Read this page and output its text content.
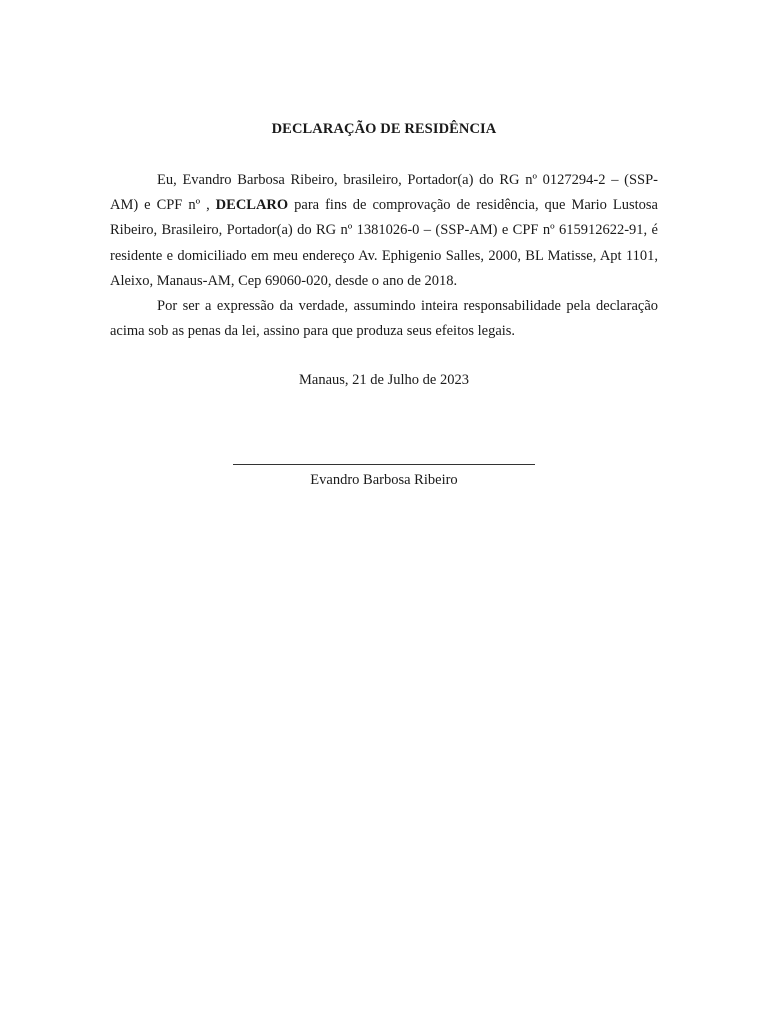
DECLARAÇÃO DE RESIDÊNCIA
Eu, Evandro Barbosa Ribeiro, brasileiro, Portador(a) do RG nº 0127294-2 – (SSP-AM) e CPF nº , DECLARO para fins de comprovação de residência, que Mario Lustosa Ribeiro, Brasileiro, Portador(a) do RG nº 1381026-0 – (SSP-AM) e CPF nº 615912622-91, é residente e domiciliado em meu endereço Av. Ephigenio Salles, 2000, BL Matisse, Apt 1101, Aleixo, Manaus-AM, Cep 69060-020, desde o ano de 2018.
Por ser a expressão da verdade, assumindo inteira responsabilidade pela declaração acima sob as penas da lei, assino para que produza seus efeitos legais.
Manaus, 21 de Julho de 2023
Evandro Barbosa Ribeiro
